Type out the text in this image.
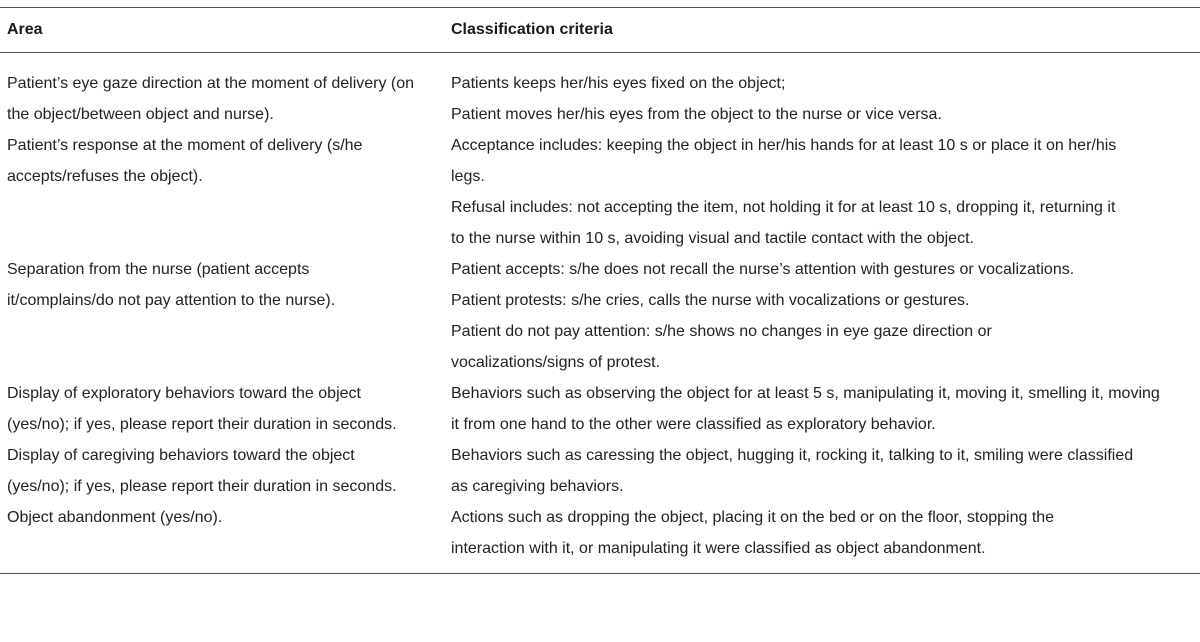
Area	Classification criteria
Patient’s eye gaze direction at the moment of delivery (on the object/between object and nurse).
Patients keeps her/his eyes fixed on the object;
Patient moves her/his eyes from the object to the nurse or vice versa.
Patient’s response at the moment of delivery (s/he accepts/refuses the object).
Acceptance includes: keeping the object in her/his hands for at least 10 s or place it on her/his legs.
Refusal includes: not accepting the item, not holding it for at least 10 s, dropping it, returning it to the nurse within 10 s, avoiding visual and tactile contact with the object.
Separation from the nurse (patient accepts it/complains/do not pay attention to the nurse).
Patient accepts: s/he does not recall the nurse’s attention with gestures or vocalizations.
Patient protests: s/he cries, calls the nurse with vocalizations or gestures.
Patient do not pay attention: s/he shows no changes in eye gaze direction or vocalizations/signs of protest.
Display of exploratory behaviors toward the object (yes/no); if yes, please report their duration in seconds.
Behaviors such as observing the object for at least 5 s, manipulating it, moving it, smelling it, moving it from one hand to the other were classified as exploratory behavior.
Display of caregiving behaviors toward the object (yes/no); if yes, please report their duration in seconds.
Behaviors such as caressing the object, hugging it, rocking it, talking to it, smiling were classified as caregiving behaviors.
Object abandonment (yes/no).	Actions such as dropping the object, placing it on the bed or on the floor, stopping the interaction with it, or manipulating it were classified as object abandonment.
